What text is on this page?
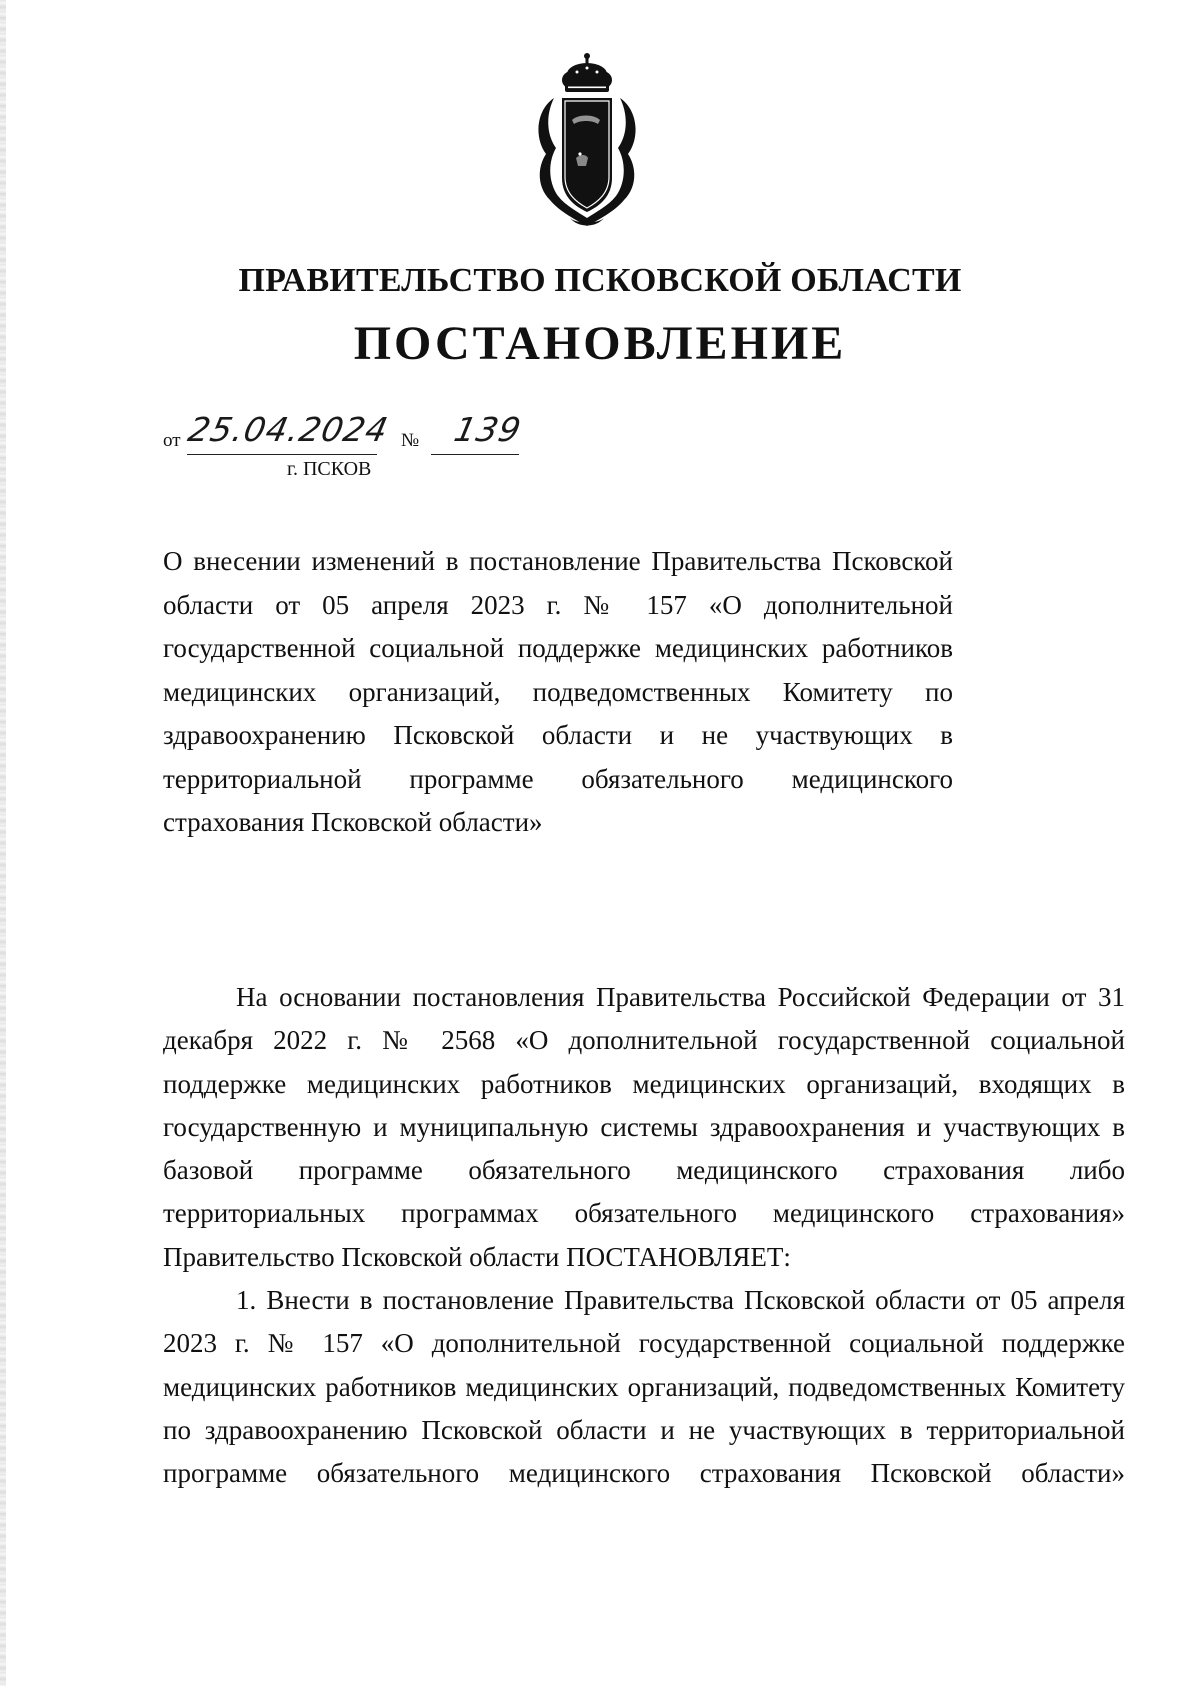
ПРАВИТЕЛЬСТВО ПСКОВСКОЙ ОБЛАСТИ
ПОСТАНОВЛЕНИЕ
от 25.04.2024 № 139
г. ПСКОВ
О внесении изменений в постановление Правительства Псковской области от 05 апреля 2023 г. № 157 «О дополнительной государственной социальной поддержке медицинских работников медицинских организаций, подведомственных Комитету по здравоохранению Псковской области и не участвующих в территориальной программе обязательного медицинского страхования Псковской области»

На основании постановления Правительства Российской Федерации от 31 декабря 2022 г. № 2568 «О дополнительной государственной социальной поддержке медицинских работников медицинских организаций, входящих в государственную и муниципальную системы здравоохранения и участвующих в базовой программе обязательного медицинского страхования либо территориальных программах обязательного медицинского страхования» Правительство Псковской области ПОСТАНОВЛЯЕТ:

1. Внести в постановление Правительства Псковской области от 05 апреля 2023 г. № 157 «О дополнительной государственной социальной поддержке медицинских работников медицинских организаций, подведомственных Комитету по здравоохранению Псковской области и не участвующих в территориальной программе обязательного медицинского страхования Псковской области»
